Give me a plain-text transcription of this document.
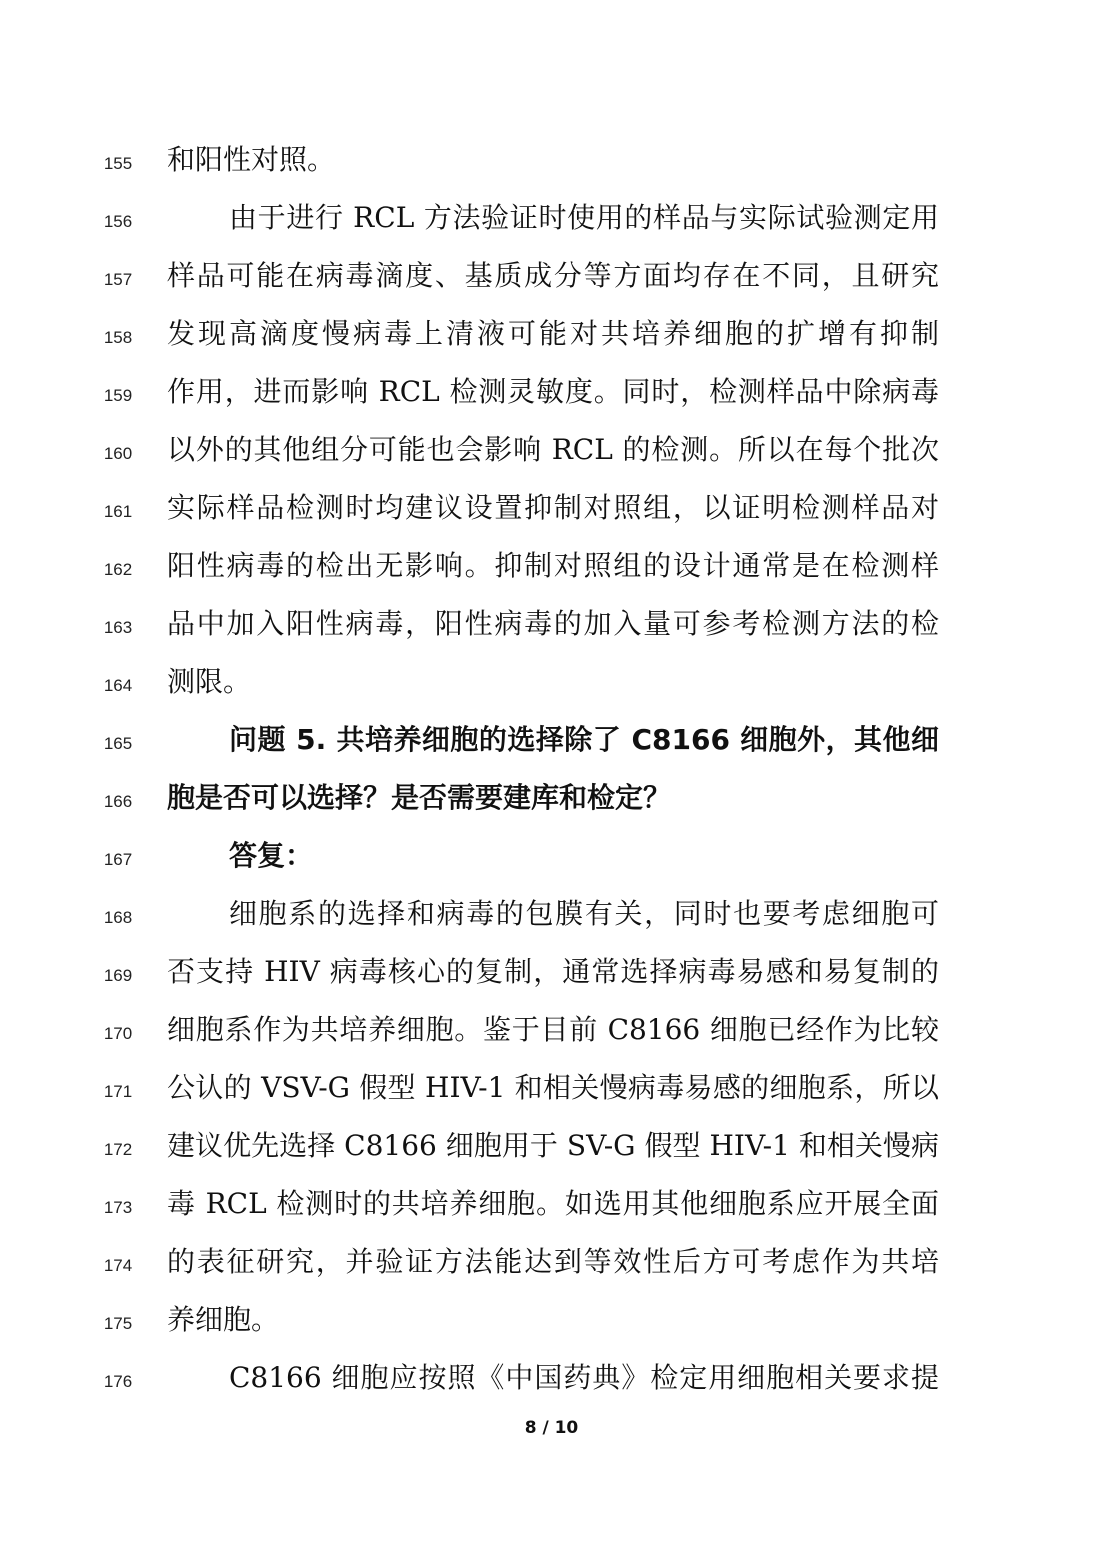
155	和阳性对照。
156	由于进行 RCL 方法验证时使用的样品与实际试验测定用
157	样品可能在病毒滴度、基质成分等方面均存在不同，且研究
158	发现高滴度慢病毒上清液可能对共培养细胞的扩增有抑制
159	作用，进而影响 RCL 检测灵敏度。同时，检测样品中除病毒
160	以外的其他组分可能也会影响 RCL 的检测。所以在每个批次
161	实际样品检测时均建议设置抑制对照组，以证明检测样品对
162	阳性病毒的检出无影响。抑制对照组的设计通常是在检测样
163	品中加入阳性病毒，阳性病毒的加入量可参考检测方法的检
164	测限。
165	问题 5. 共培养细胞的选择除了 C8166 细胞外，其他细
166	胞是否可以选择？是否需要建库和检定？
167	答复：
168	细胞系的选择和病毒的包膜有关，同时也要考虑细胞可
169	否支持 HIV 病毒核心的复制，通常选择病毒易感和易复制的
170	细胞系作为共培养细胞。鉴于目前 C8166 细胞已经作为比较
171	公认的 VSV-G 假型 HIV-1 和相关慢病毒易感的细胞系，所以
172	建议优先选择 C8166 细胞用于 SV-G 假型 HIV-1 和相关慢病
173	毒 RCL 检测时的共培养细胞。如选用其他细胞系应开展全面
174	的表征研究，并验证方法能达到等效性后方可考虑作为共培
175	养细胞。
176	C8166 细胞应按照《中国药典》检定用细胞相关要求提
8 / 10
